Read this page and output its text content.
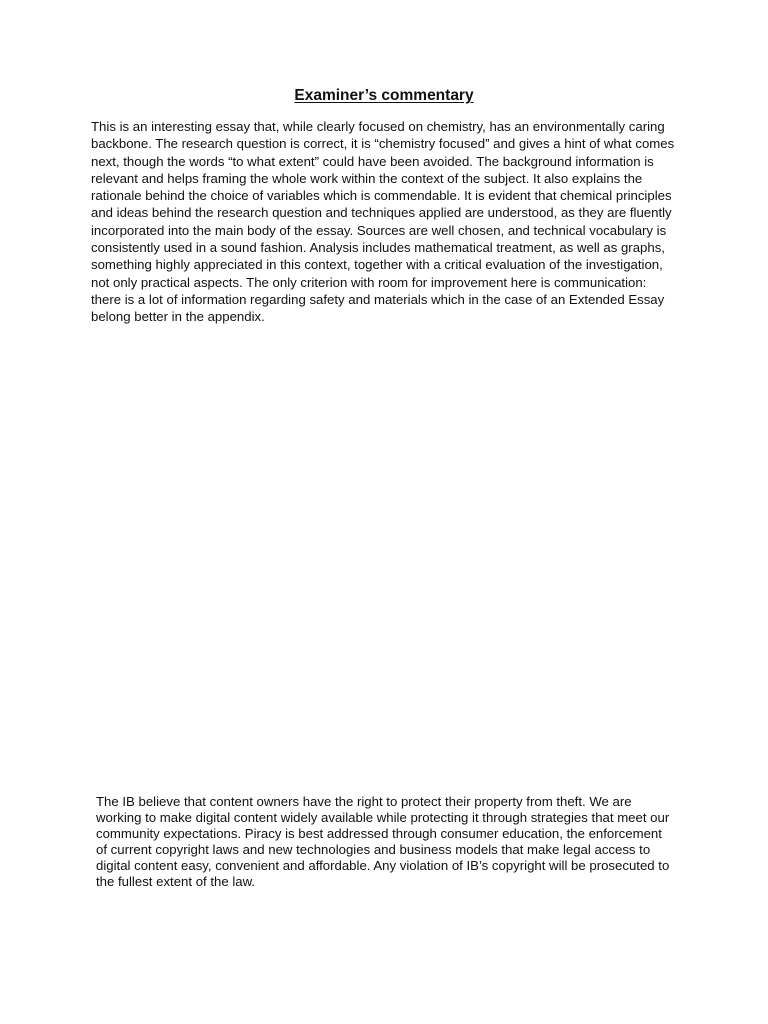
Examiner’s commentary

This is an interesting essay that, while clearly focused on chemistry, has an environmentally caring backbone. The research question is correct, it is “chemistry focused” and gives a hint of what comes next, though the words “to what extent” could have been avoided. The background information is relevant and helps framing the whole work within the context of the subject. It also explains the rationale behind the choice of variables which is commendable. It is evident that chemical principles and ideas behind the research question and techniques applied are understood, as they are fluently incorporated into the main body of the essay. Sources are well chosen, and technical vocabulary is consistently used in a sound fashion. Analysis includes mathematical treatment, as well as graphs, something highly appreciated in this context, together with a critical evaluation of the investigation, not only practical aspects. The only criterion with room for improvement here is communication: there is a lot of information regarding safety and materials which in the case of an Extended Essay belong better in the appendix.

The IB believe that content owners have the right to protect their property from theft. We are working to make digital content widely available while protecting it through strategies that meet our community expectations. Piracy is best addressed through consumer education, the enforcement of current copyright laws and new technologies and business models that make legal access to digital content easy, convenient and affordable. Any violation of IB’s copyright will be prosecuted to the fullest extent of the law.
